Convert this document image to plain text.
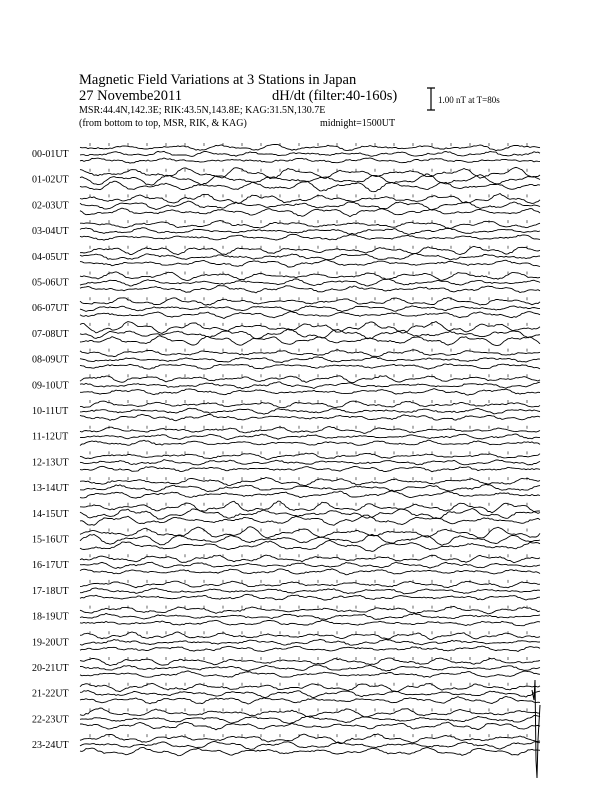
Magnetic Field Variations at 3 Stations in Japan
27 Novembe2011	dH/dt (filter:40-160s)
MSR:44.4N,142.3E; RIK:43.5N,143.8E; KAG:31.5N,130.7E
(from bottom to top, MSR, RIK, & KAG)	midnight=1500UT
1.00 nT at T=80s
00-01UT
01-02UT
02-03UT
03-04UT
04-05UT
05-06UT
06-07UT
07-08UT
08-09UT
09-10UT
10-11UT
11-12UT
12-13UT
13-14UT
14-15UT
15-16UT
16-17UT
17-18UT
18-19UT
19-20UT
20-21UT
21-22UT
22-23UT
23-24UT
